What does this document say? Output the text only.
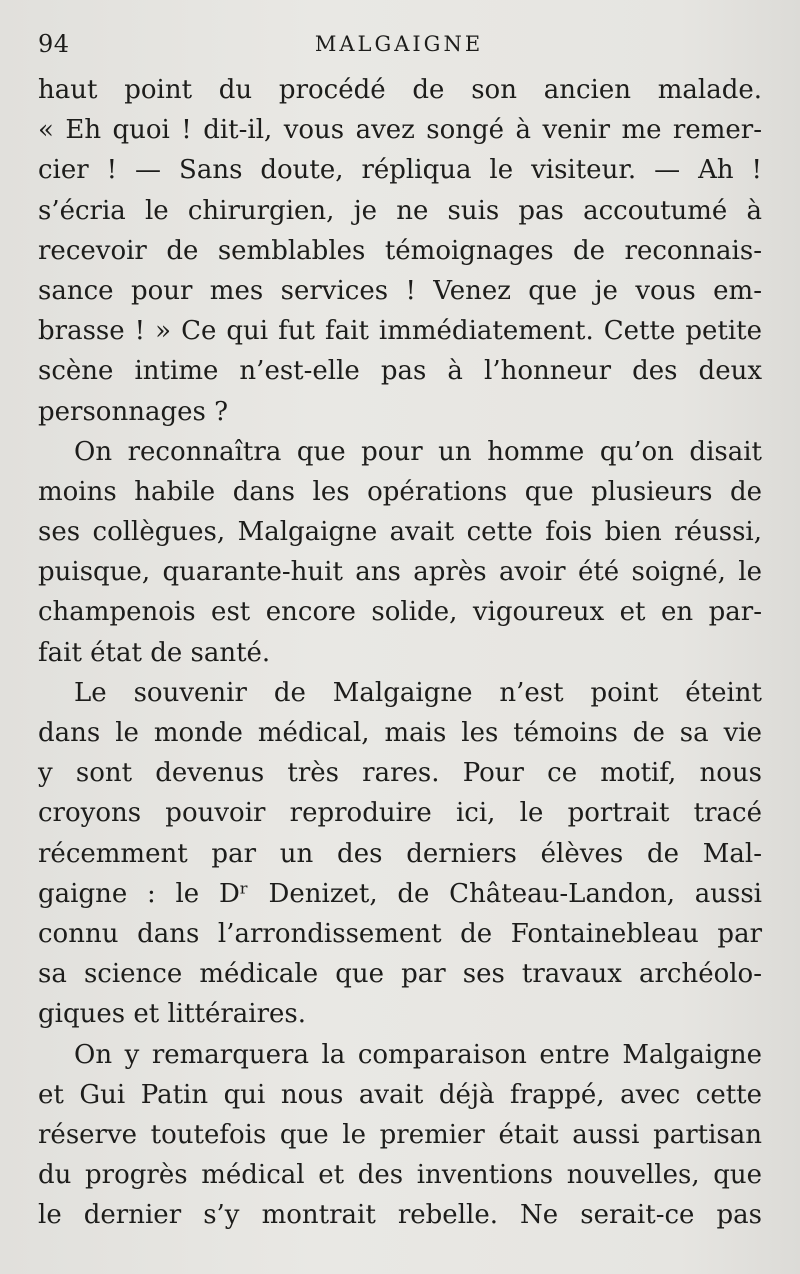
94	MALGAIGNE
haut point du procédé de son ancien malade.
« Eh quoi ! dit-il, vous avez songé à venir me remer-
cier ! — Sans doute, répliqua le visiteur. — Ah !
s’écria le chirurgien, je ne suis pas accoutumé à
recevoir de semblables témoignages de reconnais-
sance pour mes services ! Venez que je vous em-
brasse ! » Ce qui fut fait immédiatement. Cette petite
scène intime n’est-elle pas à l’honneur des deux
personnages ?
On reconnaîtra que pour un homme qu’on disait
moins habile dans les opérations que plusieurs de
ses collègues, Malgaigne avait cette fois bien réussi,
puisque, quarante-huit ans après avoir été soigné, le
champenois est encore solide, vigoureux et en par-
fait état de santé.
Le souvenir de Malgaigne n’est point éteint
dans le monde médical, mais les témoins de sa vie
y sont devenus très rares. Pour ce motif, nous
croyons pouvoir reproduire ici, le portrait tracé
récemment par un des derniers élèves de Mal-
gaigne : le Dʳ Denizet, de Château-Landon, aussi
connu dans l’arrondissement de Fontainebleau par
sa science médicale que par ses travaux archéolo-
giques et littéraires.
On y remarquera la comparaison entre Malgaigne
et Gui Patin qui nous avait déjà frappé, avec cette
réserve toutefois que le premier était aussi partisan
du progrès médical et des inventions nouvelles, que
le dernier s’y montrait rebelle. Ne serait-ce pas
